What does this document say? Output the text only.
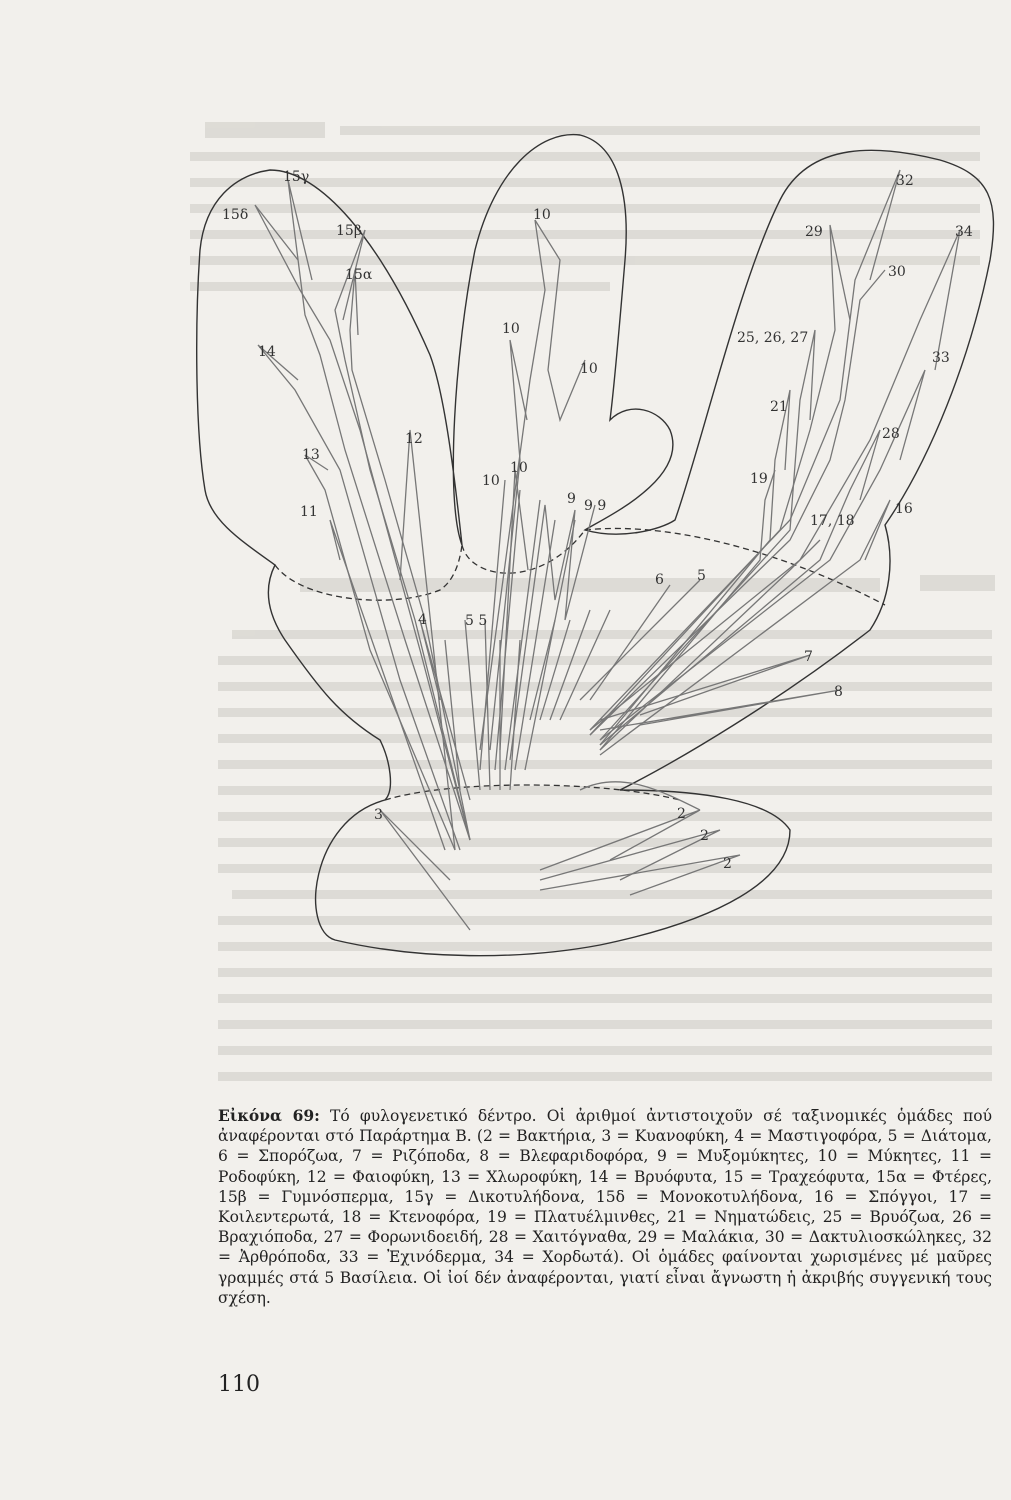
15γ
15δ
15β
15α
14
13
12
11
10
10
10
10
10
9 9 9
32
34
29
30
25, 26, 27
33
21
28
19
16
17, 18
6 5
4	5 5
7
8
3	2
2
2

Εἰκόνα 69: Τό φυλογενετικό δέντρο. Οἱ ἀριθμοί ἀντιστοιχοῦν σέ ταξινομικές ὁμάδες πού ἀναφέρονται στό Παράρτημα Β. (2 = Βακτήρια, 3 = Κυανοφύκη, 4 = Μαστιγοφόρα, 5 = Διάτομα, 6 = Σπορόζωα, 7 = Ριζόποδα, 8 = Βλεφαριδοφόρα, 9 = Μυξομύκητες, 10 = Μύκητες, 11 = Ροδοφύκη, 12 = Φαιοφύκη, 13 = Χλωροφύκη, 14 = Βρυόφυτα, 15 = Τραχεόφυτα, 15α = Φτέρες, 15β = Γυμνόσπερμα, 15γ = Δικοτυλήδονα, 15δ = Μονοκοτυλήδονα, 16 = Σπόγγοι, 17 = Κοιλεντερωτά, 18 = Κτενοφόρα, 19 = Πλατυέλμινθες, 21 = Νηματώδεις, 25 = Βρυόζωα, 26 = Βραχιόποδα, 27 = Φορωνιδοειδή, 28 = Χαιτόγναθα, 29 = Μαλάκια, 30 = Δακτυλιοσκώληκες, 32 = Ἀρθρόποδα, 33 = Ἐχινόδερμα, 34 = Χορδωτά). Οἱ ὁμάδες φαίνονται χωρισμένες μέ μαῦρες γραμμές στά 5 Βασίλεια. Οἱ ἰοί δέν ἀναφέρονται, γιατί εἶναι ἄγνωστη ἡ ἀκριβής συγγενική τους σχέση.

110
